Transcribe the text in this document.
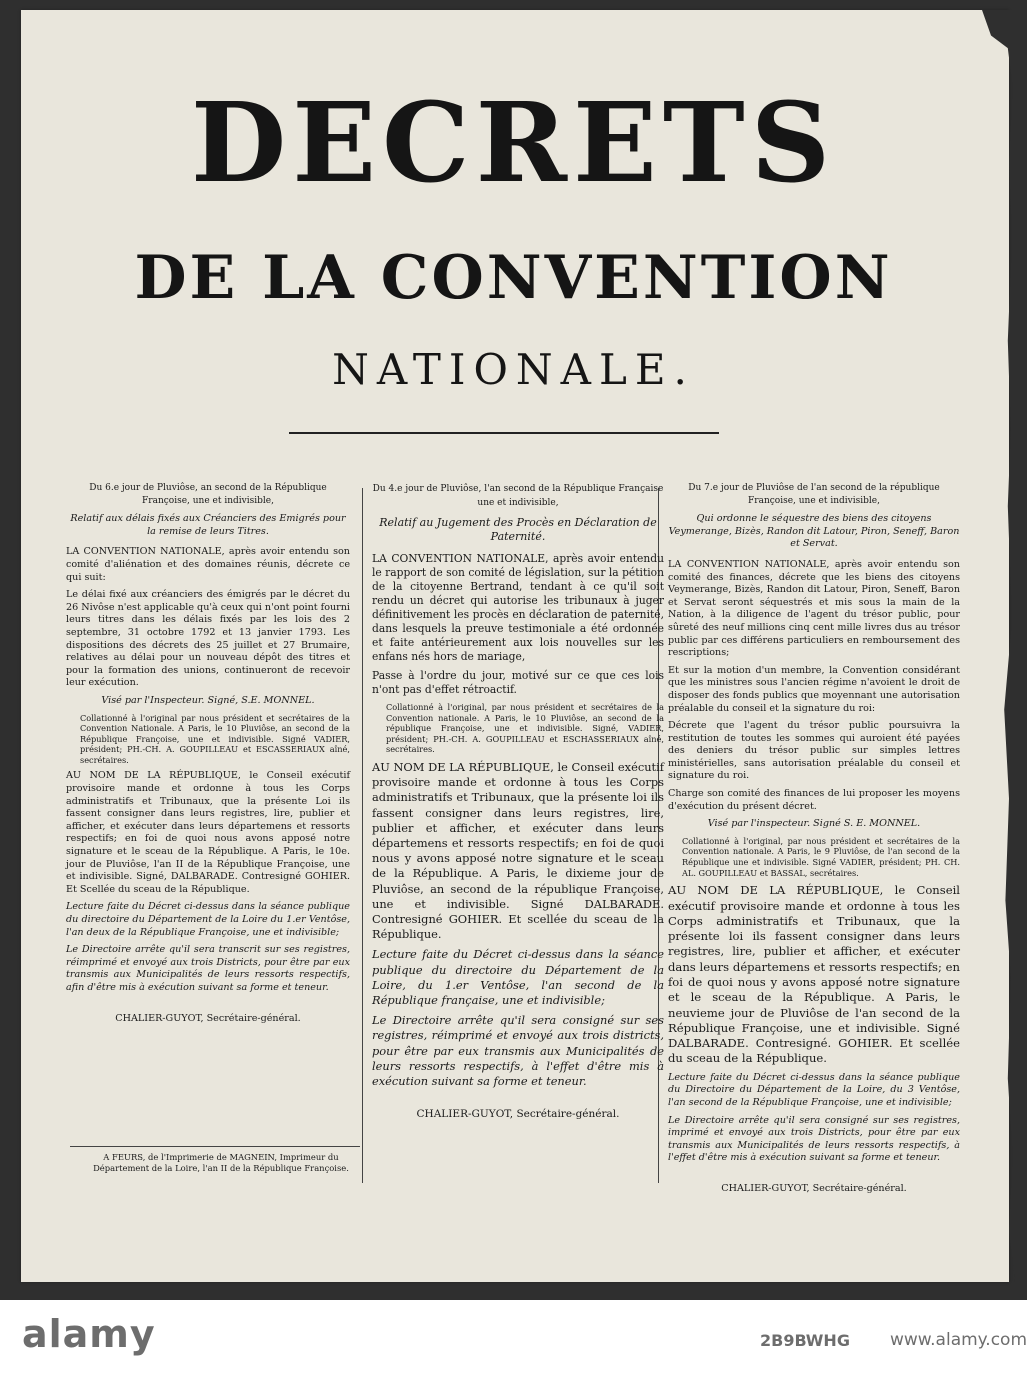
DECRETS
DE LA CONVENTION
NATIONALE.

Du 6.e jour de Pluviôse, an second de la République Françoise, une et indivisible,

Relatif aux délais fixés aux Créanciers des Emigrés pour la remise de leurs Titres.

LA CONVENTION NATIONALE, après avoir entendu son comité d'aliénation et des domaines réunis, décrete ce qui suit:

Le délai fixé aux créanciers des émigrés par le décret du 26 Nivôse n'est applicable qu'à ceux qui n'ont point fourni leurs titres dans les délais fixés par les lois des 2 septembre, 31 octobre 1792 et 13 janvier 1793. Les dispositions des décrets des 25 juillet et 27 Brumaire, relatives au délai pour un nouveau dépôt des titres et pour la formation des unions, continueront de recevoir leur exécution.

Visé par l'Inspecteur. Signé, S.E. MONNEL.

Collationné à l'original par nous président et secrétaires de la Convention Nationale. A Paris, le 10 Pluviôse, an second de la République Françoise, une et indivisible. Signé VADIER, président; PH.-CH. A. GOUPILLEAU et ESCASSERIAUX aîné, secrétaires.

AU NOM DE LA RÉPUBLIQUE, le Conseil exécutif provisoire mande et ordonne à tous les Corps administratifs et Tribunaux, que la présente Loi ils fassent consigner dans leurs registres, lire, publier et afficher, et exécuter dans leurs départemens et ressorts respectifs; en foi de quoi nous avons apposé notre signature et le sceau de la République. A Paris, le 10e. jour de Pluviôse, l'an II de la République Françoise, une et indivisible. Signé, DALBARADE. Contresigné GOHIER. Et Scellée du sceau de la République.

Lecture faite du Décret ci-dessus dans la séance publique du directoire du Département de la Loire du 1.er Ventôse, l'an deux de la République Françoise, une et indivisible;

Le Directoire arrête qu'il sera transcrit sur ses registres, réimprimé et envoyé aux trois Districts, pour être par eux transmis aux Municipalités de leurs ressorts respectifs, afin d'être mis à exécution suivant sa forme et teneur.

CHALIER-GUYOT, Secrétaire-général.

A FEURS, de l'Imprimerie de MAGNEIN, Imprimeur du Département de la Loire, l'an II de la République Françoise.

Du 4.e jour de Pluviôse, l'an second de la République Française une et indivisible,

Relatif au Jugement des Procès en Déclaration de Paternité.

LA CONVENTION NATIONALE, après avoir entendu le rapport de son comité de législation, sur la pétition de la citoyenne Bertrand, tendant à ce qu'il soit rendu un décret qui autorise les tribunaux à juger définitivement les procès en déclaration de paternité, dans lesquels la preuve testimoniale a été ordonnée et faite antérieurement aux lois nouvelles sur les enfans nés hors de mariage,

Passe à l'ordre du jour, motivé sur ce que ces lois n'ont pas d'effet rétroactif.

Collationné à l'original, par nous président et secrétaires de la Convention nationale. A Paris, le 10 Pluviôse, an second de la république Françoise, une et indivisible. Signé, VADIER, président; PH.-CH. A. GOUPILLEAU et ESCHASSERIAUX aîné, secrétaires.

AU NOM DE LA RÉPUBLIQUE, le Conseil exécutif provisoire mande et ordonne à tous les Corps administratifs et Tribunaux, que la présente loi ils fassent consigner dans leurs registres, lire, publier et afficher, et exécuter dans leurs départemens et ressorts respectifs; en foi de quoi nous y avons apposé notre signature et le sceau de la République. A Paris, le dixieme jour de Pluviôse, an second de la république Françoise, une et indivisible. Signé DALBARADE. Contresigné GOHIER. Et scellée du sceau de la République.

Lecture faite du Décret ci-dessus dans la séance publique du directoire du Département de la Loire, du 1.er Ventôse, l'an second de la République française, une et indivisible;

Le Directoire arrête qu'il sera consigné sur ses registres, réimprimé et envoyé aux trois districts, pour être par eux transmis aux Municipalités de leurs ressorts respectifs, à l'effet d'être mis à exécution suivant sa forme et teneur.

CHALIER-GUYOT, Secrétaire-général.

Du 7.e jour de Pluviôse de l'an second de la république Françoise, une et indivisible,

Qui ordonne le séquestre des biens des citoyens Veymerange, Bizès, Randon dit Latour, Piron, Seneff, Baron et Servat.

LA CONVENTION NATIONALE, après avoir entendu son comité des finances, décrete que les biens des citoyens Veymerange, Bizès, Randon dit Latour, Piron, Seneff, Baron et Servat seront séquestrés et mis sous la main de la Nation, à la diligence de l'agent du trésor public, pour sûreté des neuf millions cinq cent mille livres dus au trésor public par ces différens particuliers en remboursement des rescriptions;

Et sur la motion d'un membre, la Convention considérant que les ministres sous l'ancien régime n'avoient le droit de disposer des fonds publics que moyennant une autorisation préalable du conseil et la signature du roi:

Décrete que l'agent du trésor public poursuivra la restitution de toutes les sommes qui auroient été payées des deniers du trésor public sur simples lettres ministérielles, sans autorisation préalable du conseil et signature du roi.

Charge son comité des finances de lui proposer les moyens d'exécution du présent décret.

Visé par l'inspecteur. Signé S. E. MONNEL.

Collationné à l'original, par nous président et secrétaires de la Convention nationale. A Paris, le 9 Pluviôse, de l'an second de la République une et indivisible. Signé VADIER, président; PH. CH. AL. GOUPILLEAU et BASSAL, secrétaires.

AU NOM DE LA RÉPUBLIQUE, le Conseil exécutif provisoire mande et ordonne à tous les Corps administratifs et Tribunaux, que la présente loi ils fassent consigner dans leurs registres, lire, publier et afficher, et exécuter dans leurs départemens et ressorts respectifs; en foi de quoi nous y avons apposé notre signature et le sceau de la République. A Paris, le neuvieme jour de Pluviôse de l'an second de la République Françoise, une et indivisible. Signé DALBARADE. Contresigné. GOHIER. Et scellée du sceau de la République.

Lecture faite du Décret ci-dessus dans la séance publique du Directoire du Département de la Loire, du 3 Ventôse, l'an second de la République Françoise, une et indivisible;

Le Directoire arrête qu'il sera consigné sur ses registres, imprimé et envoyé aux trois Districts, pour être par eux transmis aux Municipalités de leurs ressorts respectifs, à l'effet d'être mis à exécution suivant sa forme et teneur.

CHALIER-GUYOT, Secrétaire-général.

alamy	2B9BWHG www.alamy.com
